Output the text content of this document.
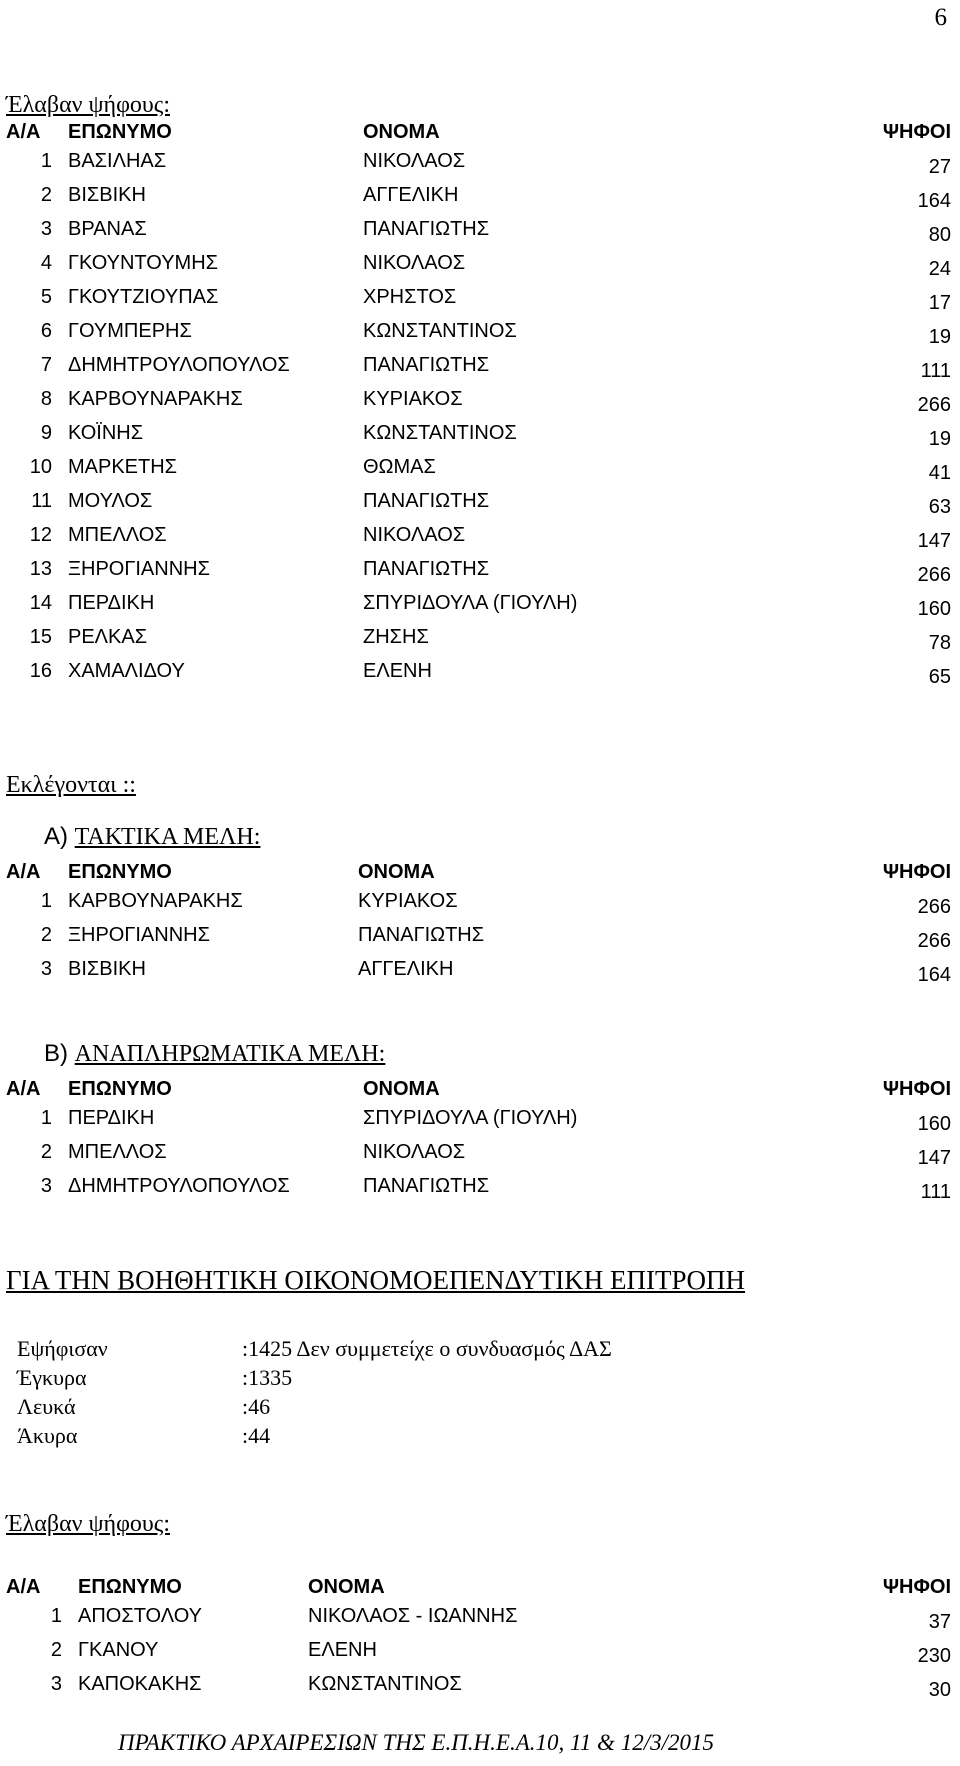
6
Έλαβαν ψήφους:
Α/Α	ΕΠΩΝΥΜΟ	ΟΝΟΜΑ	ΨΗΦΟΙ
1	ΒΑΣΙΛΗΑΣ	ΝΙΚΟΛΑΟΣ	27
2	ΒΙΣΒΙΚΗ	ΑΓΓΕΛΙΚΗ	164
3	ΒΡΑΝΑΣ	ΠΑΝΑΓΙΩΤΗΣ	80
4	ΓΚΟΥΝΤΟΥΜΗΣ	ΝΙΚΟΛΑΟΣ	24
5	ΓΚΟΥΤΖΙΟΥΠΑΣ	ΧΡΗΣΤΟΣ	17
6	ΓΟΥΜΠΕΡΗΣ	ΚΩΝΣΤΑΝΤΙΝΟΣ	19
7	ΔΗΜΗΤΡΟΥΛΟΠΟΥΛΟΣ	ΠΑΝΑΓΙΩΤΗΣ	111
8	ΚΑΡΒΟΥΝΑΡΑΚΗΣ	ΚΥΡΙΑΚΟΣ	266
9	ΚΟΪΝΗΣ	ΚΩΝΣΤΑΝΤΙΝΟΣ	19
10	ΜΑΡΚΕΤΗΣ	ΘΩΜΑΣ	41
11	ΜΟΥΛΟΣ	ΠΑΝΑΓΙΩΤΗΣ	63
12	ΜΠΕΛΛΟΣ	ΝΙΚΟΛΑΟΣ	147
13	ΞΗΡΟΓΙΑΝΝΗΣ	ΠΑΝΑΓΙΩΤΗΣ	266
14	ΠΕΡΔΙΚΗ	ΣΠΥΡΙΔΟΥΛΑ (ΓΙΟΥΛΗ)	160
15	ΡΕΛΚΑΣ	ΖΗΣΗΣ	78
16	ΧΑΜΑΛΙΔΟΥ	ΕΛΕΝΗ	65
Εκλέγονται ::
Α) ΤΑΚΤΙΚΑ ΜΕΛΗ:
Α/Α	ΕΠΩΝΥΜΟ	ΟΝΟΜΑ	ΨΗΦΟΙ
1	ΚΑΡΒΟΥΝΑΡΑΚΗΣ	ΚΥΡΙΑΚΟΣ	266
2	ΞΗΡΟΓΙΑΝΝΗΣ	ΠΑΝΑΓΙΩΤΗΣ	266
3	ΒΙΣΒΙΚΗ	ΑΓΓΕΛΙΚΗ	164
Β) ΑΝΑΠΛΗΡΩΜΑΤΙΚΑ ΜΕΛΗ:
Α/Α	ΕΠΩΝΥΜΟ	ΟΝΟΜΑ	ΨΗΦΟΙ
1	ΠΕΡΔΙΚΗ	ΣΠΥΡΙΔΟΥΛΑ (ΓΙΟΥΛΗ)	160
2	ΜΠΕΛΛΟΣ	ΝΙΚΟΛΑΟΣ	147
3	ΔΗΜΗΤΡΟΥΛΟΠΟΥΛΟΣ	ΠΑΝΑΓΙΩΤΗΣ	111
ΓΙΑ ΤΗΝ ΒΟΗΘΗΤΙΚΗ ΟΙΚΟΝΟΜΟΕΠΕΝΔΥΤΙΚΗ ΕΠΙΤΡΟΠΗ
Εψήφισαν	:1425 Δεν συμμετείχε ο συνδυασμός ΔΑΣ
Έγκυρα	:1335
Λευκά	:46
Άκυρα	:44
Έλαβαν ψήφους:
Α/Α	ΕΠΩΝΥΜΟ	ΟΝΟΜΑ	ΨΗΦΟΙ
1	ΑΠΟΣΤΟΛΟΥ	ΝΙΚΟΛΑΟΣ - ΙΩΑΝΝΗΣ	37
2	ΓΚΑΝΟΥ	ΕΛΕΝΗ	230
3	ΚΑΠΟΚΑΚΗΣ	ΚΩΝΣΤΑΝΤΙΝΟΣ	30
ΠΡΑΚΤΙΚΟ ΑΡΧΑΙΡΕΣΙΩΝ ΤΗΣ Ε.Π.Η.Ε.Α.10, 11 & 12/3/2015
